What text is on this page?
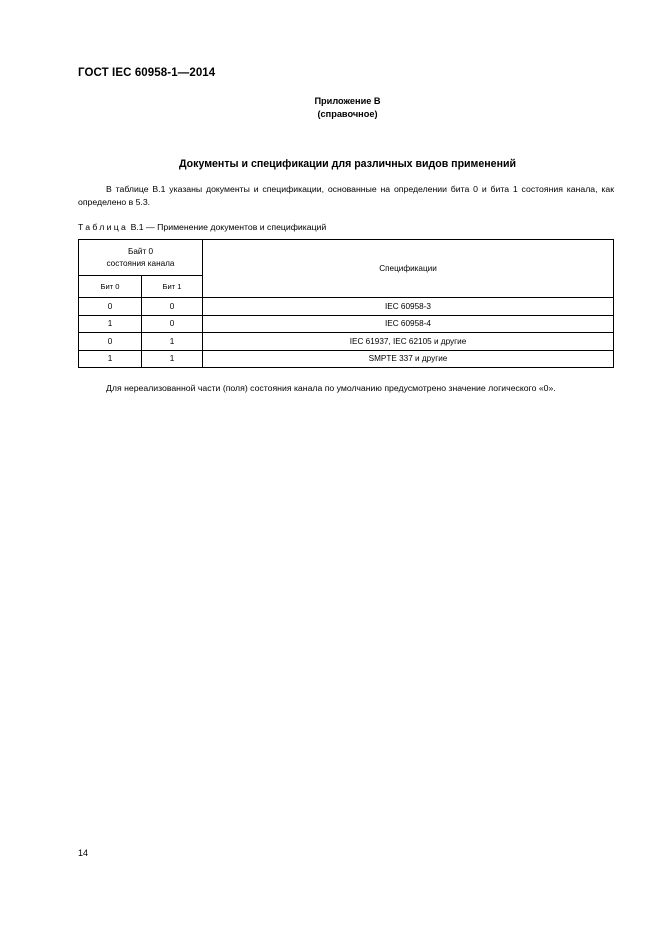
ГОСТ IEC 60958-1—2014
Приложение В
(справочное)
Документы и спецификации для различных видов применений
В таблице В.1 указаны документы и спецификации, основанные на определении бита 0 и бита 1 состояния канала, как определено в 5.3.
Таблица В.1 — Применение документов и спецификаций
Байт 0
состояния канала		Спецификации
Бит 0	Бит 1	
0	0	IEC 60958-3
1	0	IEC 60958-4
0	1	IEC 61937, IEC 62105 и другие
1	1	SMPTE 337 и другие
Для нереализованной части (поля) состояния канала по умолчанию предусмотрено значение логического «0».
14
